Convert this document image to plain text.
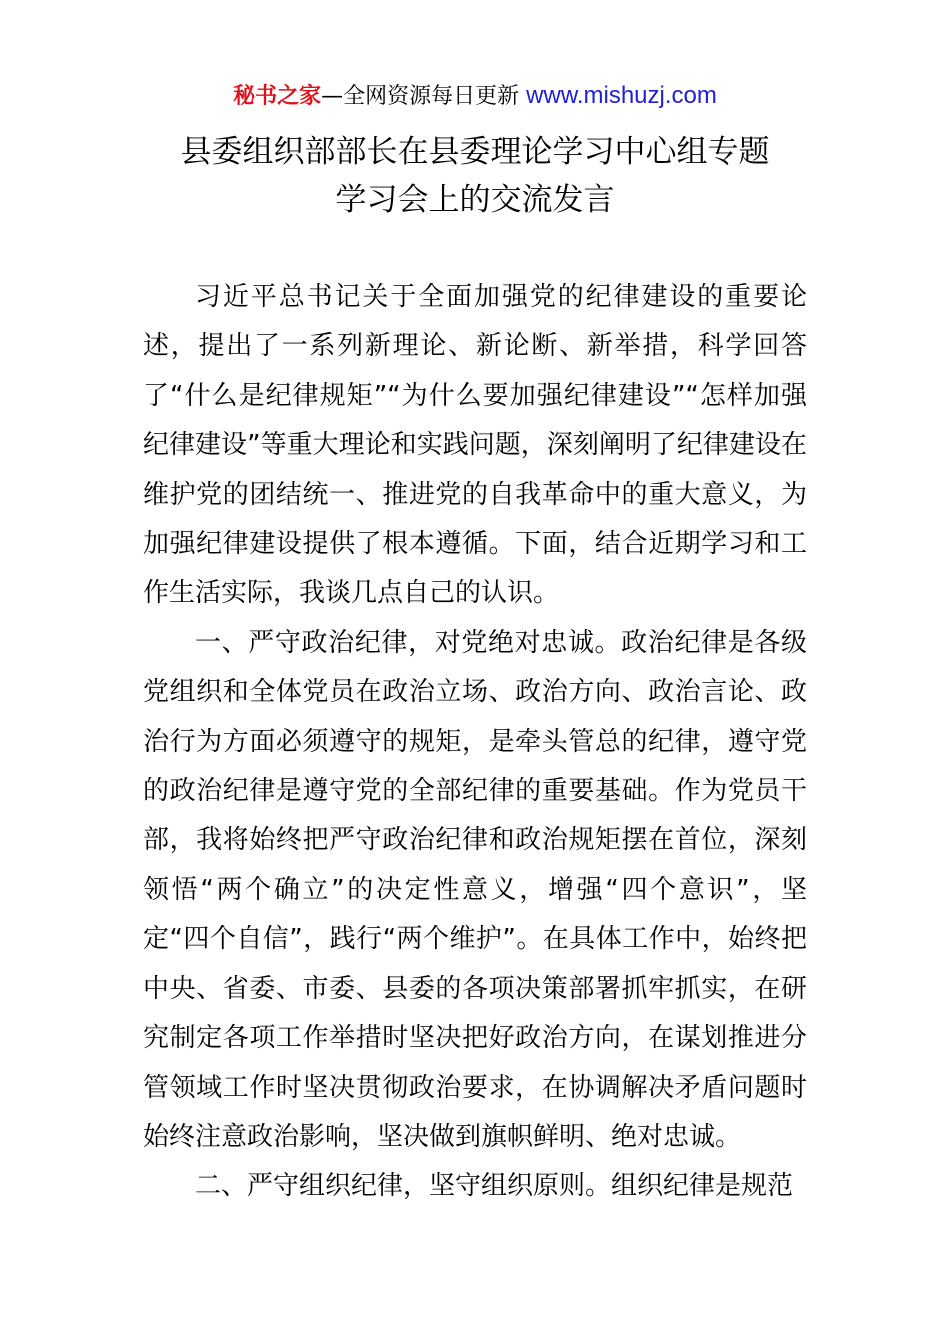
秘书之家—全网资源每日更新 www.mishuzj.com
县委组织部部长在县委理论学习中心组专题
学习会上的交流发言

习近平总书记关于全面加强党的纪律建设的重要论述，提出了一系列新理论、新论断、新举措，科学回答了“什么是纪律规矩”“为什么要加强纪律建设”“怎样加强纪律建设”等重大理论和实践问题，深刻阐明了纪律建设在维护党的团结统一、推进党的自我革命中的重大意义，为加强纪律建设提供了根本遵循。下面，结合近期学习和工作生活实际，我谈几点自己的认识。

一、严守政治纪律，对党绝对忠诚。政治纪律是各级党组织和全体党员在政治立场、政治方向、政治言论、政治行为方面必须遵守的规矩，是牵头管总的纪律，遵守党的政治纪律是遵守党的全部纪律的重要基础。作为党员干部，我将始终把严守政治纪律和政治规矩摆在首位，深刻领悟“两个确立”的决定性意义，增强“四个意识”，坚定“四个自信”，践行“两个维护”。在具体工作中，始终把中央、省委、市委、县委的各项决策部署抓牢抓实，在研究制定各项工作举措时坚决把好政治方向，在谋划推进分管领域工作时坚决贯彻政治要求，在协调解决矛盾问题时始终注意政治影响，坚决做到旗帜鲜明、绝对忠诚。

二、严守组织纪律，坚守组织原则。组织纪律是规范
